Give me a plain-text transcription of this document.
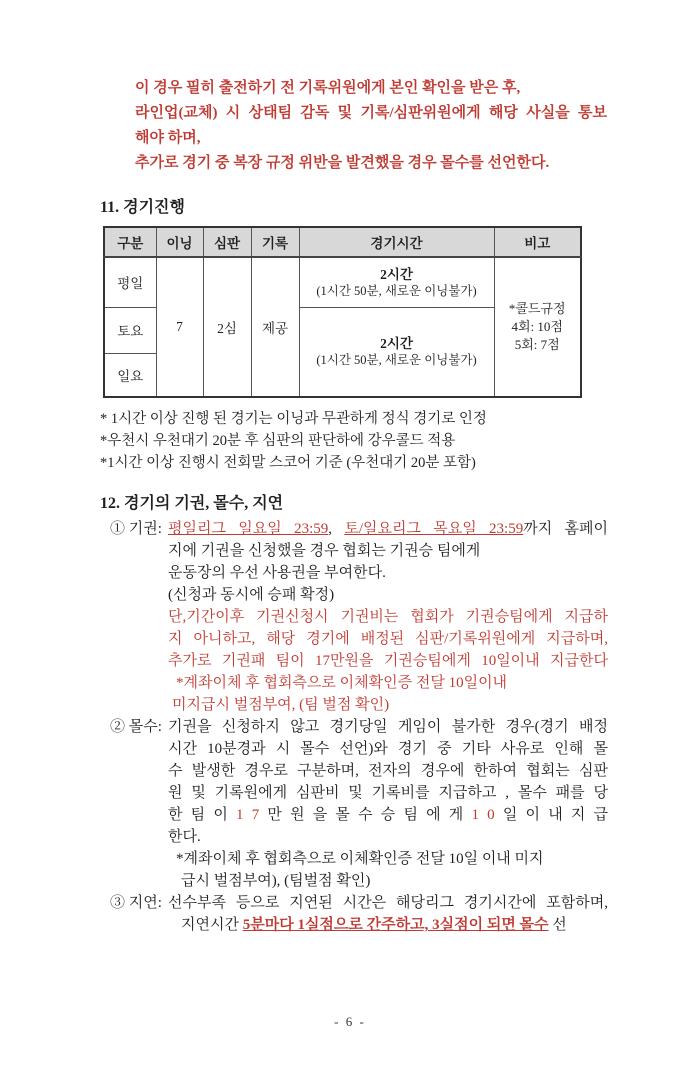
이 경우 필히 출전하기 전 기록위원에게 본인 확인을 받은 후,
라인업(교체) 시 상태팀 감독 및 기록/심판위원에게 해당 사실을 통보
해야 하며,
추가로 경기 중 복장 규정 위반을 발견했을 경우 몰수를 선언한다.
11. 경기진행
구분	이닝	심판	기록	경기시간	비고
평일	7	2심	제공	
2시간
(1시간 50분, 새로운 이닝불가)

*콜드규정
4회: 10점
5회: 7점

토요				2시간
(1시간 50분, 새로운 이닝불가)	

일요					
* 1시간 이상 진행 된 경기는 이닝과 무관하게 정식 경기로 인정
*우천시 우천대기 20분 후 심판의 판단하에 강우콜드 적용
*1시간 이상 진행시 전회말 스코어 기준 (우천대기 20분 포함)
12. 경기의 기권, 몰수, 지연
① 기권: 평일리그 일요일 23:59, 토/일요리그 목요일 23:59까지 홈페이
지에 기권을 신청했을 경우 협회는 기권승 팀에게
운동장의 우선 사용권을 부여한다.
(신청과 동시에 승패 확정)
단,기간이후 기권신청시 기권비는 협회가 기권승팀에게 지급하
지 아니하고, 해당 경기에 배정된 심판/기록위원에게 지급하며,
추가로 기권패 팀이 17만원을 기권승팀에게 10일이내 지급한다
*계좌이체 후 협회측으로 이체확인증 전달 10일이내
미지급시 벌점부여, (팀 벌점 확인)
② 몰수: 기권을 신청하지 않고 경기당일 게임이 불가한 경우(경기 배정
시간 10분경과 시 몰수 선언)와 경기 중 기타 사유로 인해 몰
수 발생한 경우로 구분하며, 전자의 경우에 한하여 협회는 심판
원 및 기록원에게 심판비 및 기록비를 지급하고 , 몰수 패를 당
한 팀 이 1 7 만 원 을 몰 수 승 팀 에 게 1 0 일 이 내 지 급
한다.
*계좌이체 후 협회측으로 이체확인증 전달 10일 이내 미지
급시 벌점부여), (팀벌점 확인)
③ 지연: 선수부족 등으로 지연된 시간은 해당리그 경기시간에 포함하며,
지연시간 5분마다 1실점으로 간주하고, 3실점이 되면 몰수 선
- 6 -
